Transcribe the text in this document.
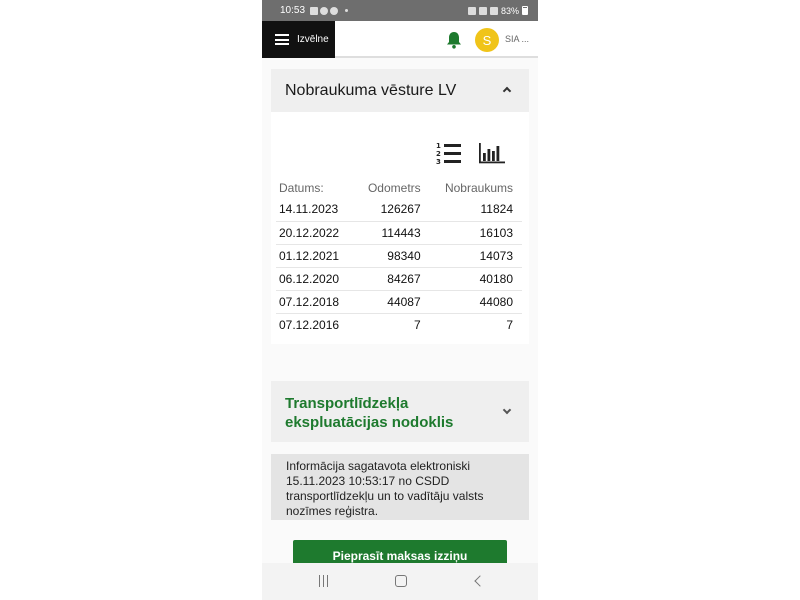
10:53	83%
Izvēlne	S	SIA ...
Nobraukuma vēsture LV
1
2
3
Datums:	Odometrs	Nobraukums
14.11.2023	126267	11824
20.12.2022	114443	16103
01.12.2021	98340	14073
06.12.2020	84267	40180
07.12.2018	44087	44080
07.12.2016	7	7
Transportlīdzekļa
ekspluatācijas nodoklis
Informācija sagatavota elektroniski
15.11.2023 10:53:17 no CSDD
transportlīdzekļu un to vadītāju valsts
nozīmes reģistra.
Pieprasīt maksas izziņu
